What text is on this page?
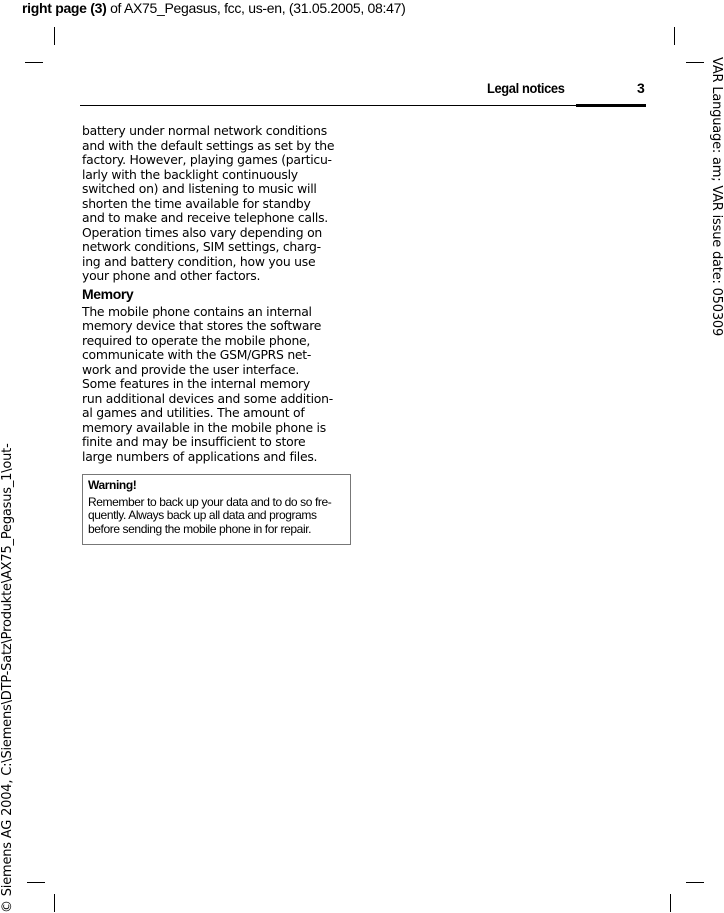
right page (3) of AX75_Pegasus, fcc, us-en, (31.05.2005, 08:47)
Legal notices	3

battery under normal network conditions
and with the default settings as set by the
factory. However, playing games (particu-
larly with the backlight continuously
switched on) and listening to music will
shorten the time available for standby
and to make and receive telephone calls.
Operation times also vary depending on
network conditions, SIM settings, charg-
ing and battery condition, how you use
your phone and other factors.

Memory

The mobile phone contains an internal
memory device that stores the software
required to operate the mobile phone,
communicate with the GSM/GPRS net-
work and provide the user interface.
Some features in the internal memory
run additional devices and some addition-
al games and utilities. The amount of
memory available in the mobile phone is
finite and may be insufficient to store
large numbers of applications and files.

Warning!
Remember to back up your data and to do so fre-
quently. Always back up all data and programs
before sending the mobile phone in for repair.
© Siemens AG 2004, C:\Siemens\DTP-Satz\Produkte\AX75_Pegasus_1\out-
VAR Language: am; VAR issue date: 050309
